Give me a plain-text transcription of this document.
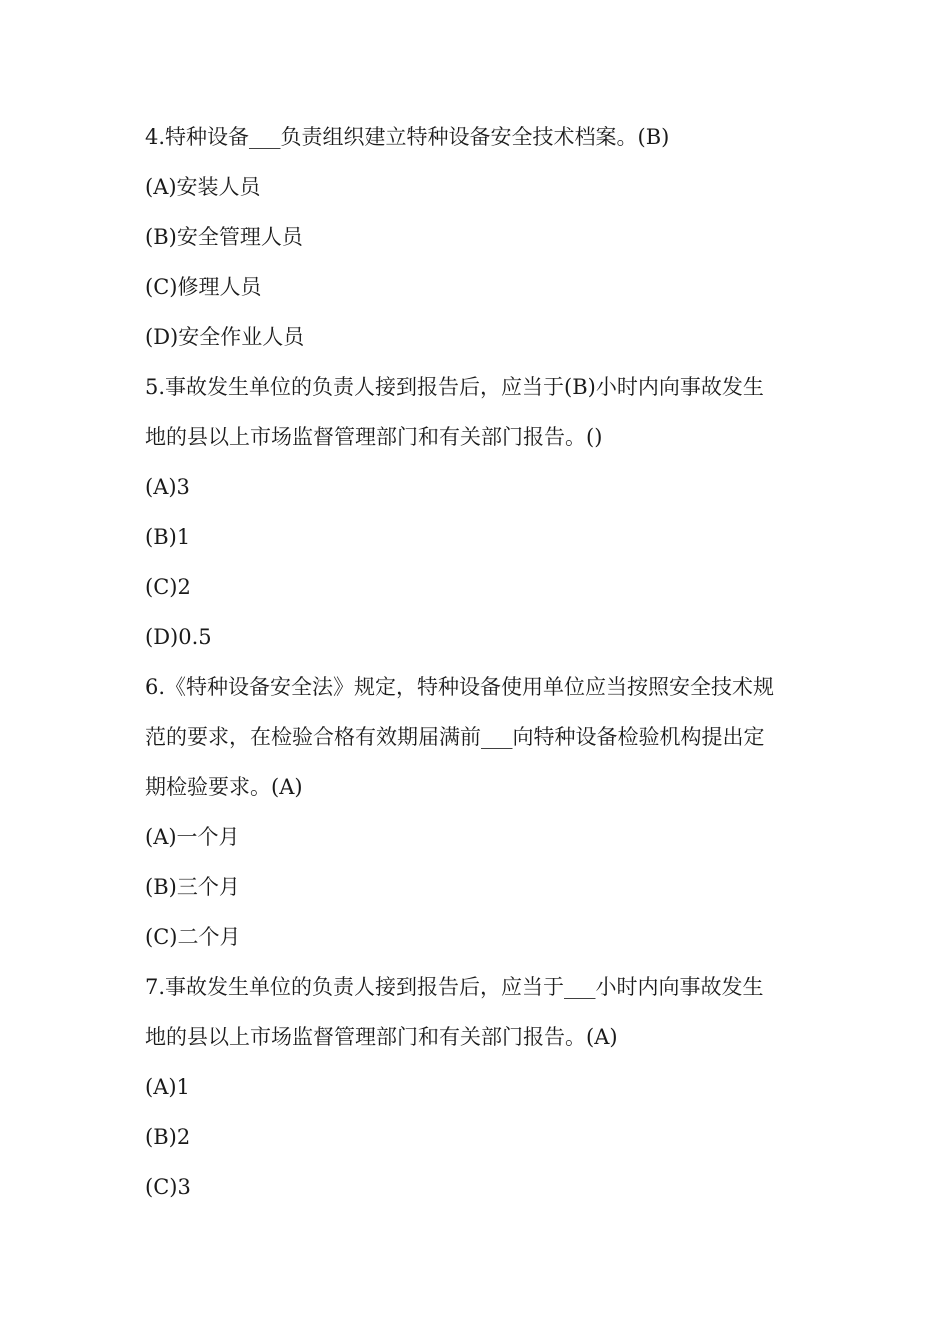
4.特种设备___负责组织建立特种设备安全技术档案。(B)
(A)安装人员
(B)安全管理人员
(C)修理人员
(D)安全作业人员
5.事故发生单位的负责人接到报告后，应当于(B)小时内向事故发生
地的县以上市场监督管理部门和有关部门报告。()
(A)3
(B)1
(C)2
(D)0.5
6.《特种设备安全法》规定，特种设备使用单位应当按照安全技术规
范的要求，在检验合格有效期届满前___向特种设备检验机构提出定
期检验要求。(A)
(A)一个月
(B)三个月
(C)二个月
7.事故发生单位的负责人接到报告后，应当于___小时内向事故发生
地的县以上市场监督管理部门和有关部门报告。(A)
(A)1
(B)2
(C)3
